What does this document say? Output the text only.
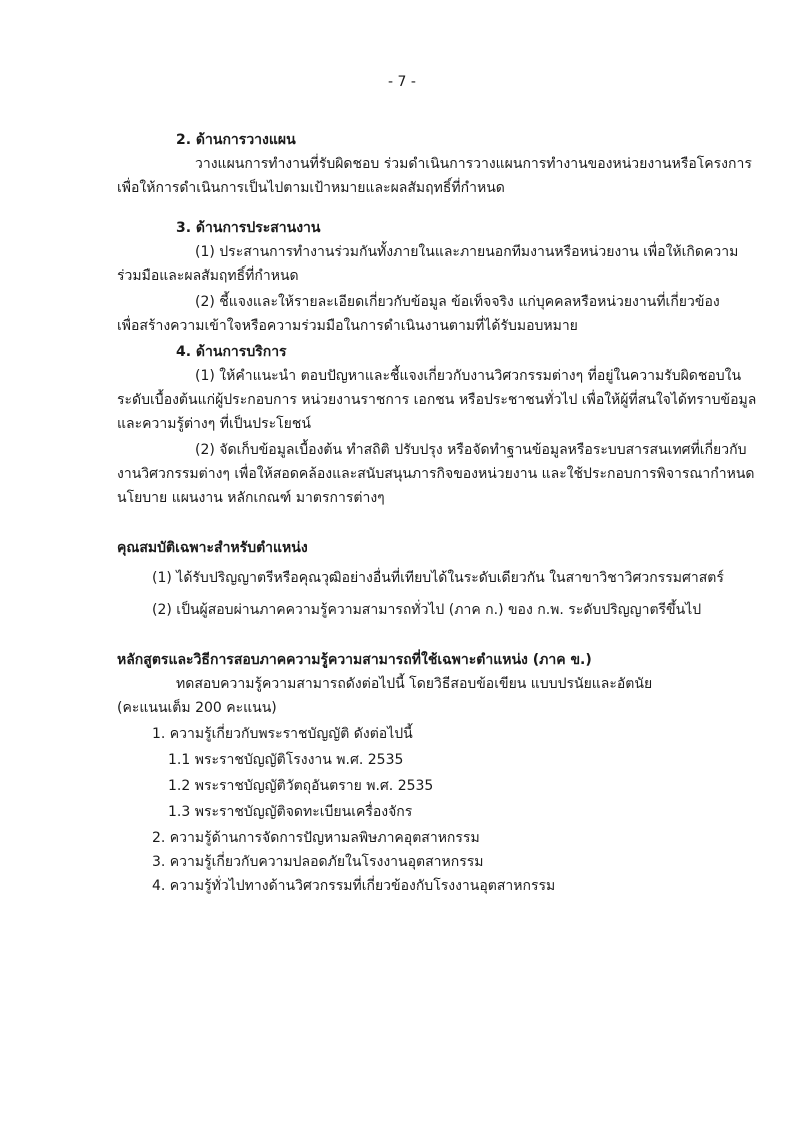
- 7 -
2. ด้านการวางแผน
วางแผนการทำงานที่รับผิดชอบ ร่วมดำเนินการวางแผนการทำงานของหน่วยงานหรือโครงการ
เพื่อให้การดำเนินการเป็นไปตามเป้าหมายและผลสัมฤทธิ์ที่กำหนด
3. ด้านการประสานงาน
(1) ประสานการทำงานร่วมกันทั้งภายในและภายนอกทีมงานหรือหน่วยงาน เพื่อให้เกิดความ
ร่วมมือและผลสัมฤทธิ์ที่กำหนด
(2) ชี้แจงและให้รายละเอียดเกี่ยวกับข้อมูล ข้อเท็จจริง แก่บุคคลหรือหน่วยงานที่เกี่ยวข้อง
เพื่อสร้างความเข้าใจหรือความร่วมมือในการดำเนินงานตามที่ได้รับมอบหมาย
4. ด้านการบริการ
(1) ให้คำแนะนำ ตอบปัญหาและชี้แจงเกี่ยวกับงานวิศวกรรมต่างๆ ที่อยู่ในความรับผิดชอบใน
ระดับเบื้องต้นแก่ผู้ประกอบการ หน่วยงานราชการ เอกชน หรือประชาชนทั่วไป เพื่อให้ผู้ที่สนใจได้ทราบข้อมูล
และความรู้ต่างๆ ที่เป็นประโยชน์
(2) จัดเก็บข้อมูลเบื้องต้น ทำสถิติ ปรับปรุง หรือจัดทำฐานข้อมูลหรือระบบสารสนเทศที่เกี่ยวกับ
งานวิศวกรรมต่างๆ เพื่อให้สอดคล้องและสนับสนุนภารกิจของหน่วยงาน และใช้ประกอบการพิจารณากำหนด
นโยบาย แผนงาน หลักเกณฑ์ มาตรการต่างๆ
คุณสมบัติเฉพาะสำหรับตำแหน่ง
(1) ได้รับปริญญาตรีหรือคุณวุฒิอย่างอื่นที่เทียบได้ในระดับเดียวกัน ในสาขาวิชาวิศวกรรมศาสตร์
(2) เป็นผู้สอบผ่านภาคความรู้ความสามารถทั่วไป (ภาค ก.) ของ ก.พ. ระดับปริญญาตรีขึ้นไป
หลักสูตรและวิธีการสอบภาคความรู้ความสามารถที่ใช้เฉพาะตำแหน่ง (ภาค ข.)
ทดสอบความรู้ความสามารถดังต่อไปนี้ โดยวิธีสอบข้อเขียน แบบปรนัยและอัตนัย
(คะแนนเต็ม 200 คะแนน)
1. ความรู้เกี่ยวกับพระราชบัญญัติ ดังต่อไปนี้
1.1 พระราชบัญญัติโรงงาน พ.ศ. 2535
1.2 พระราชบัญญัติวัตถุอันตราย พ.ศ. 2535
1.3 พระราชบัญญัติจดทะเบียนเครื่องจักร
2. ความรู้ด้านการจัดการปัญหามลพิษภาคอุตสาหกรรม
3. ความรู้เกี่ยวกับความปลอดภัยในโรงงานอุตสาหกรรม
4. ความรู้ทั่วไปทางด้านวิศวกรรมที่เกี่ยวข้องกับโรงงานอุตสาหกรรม
